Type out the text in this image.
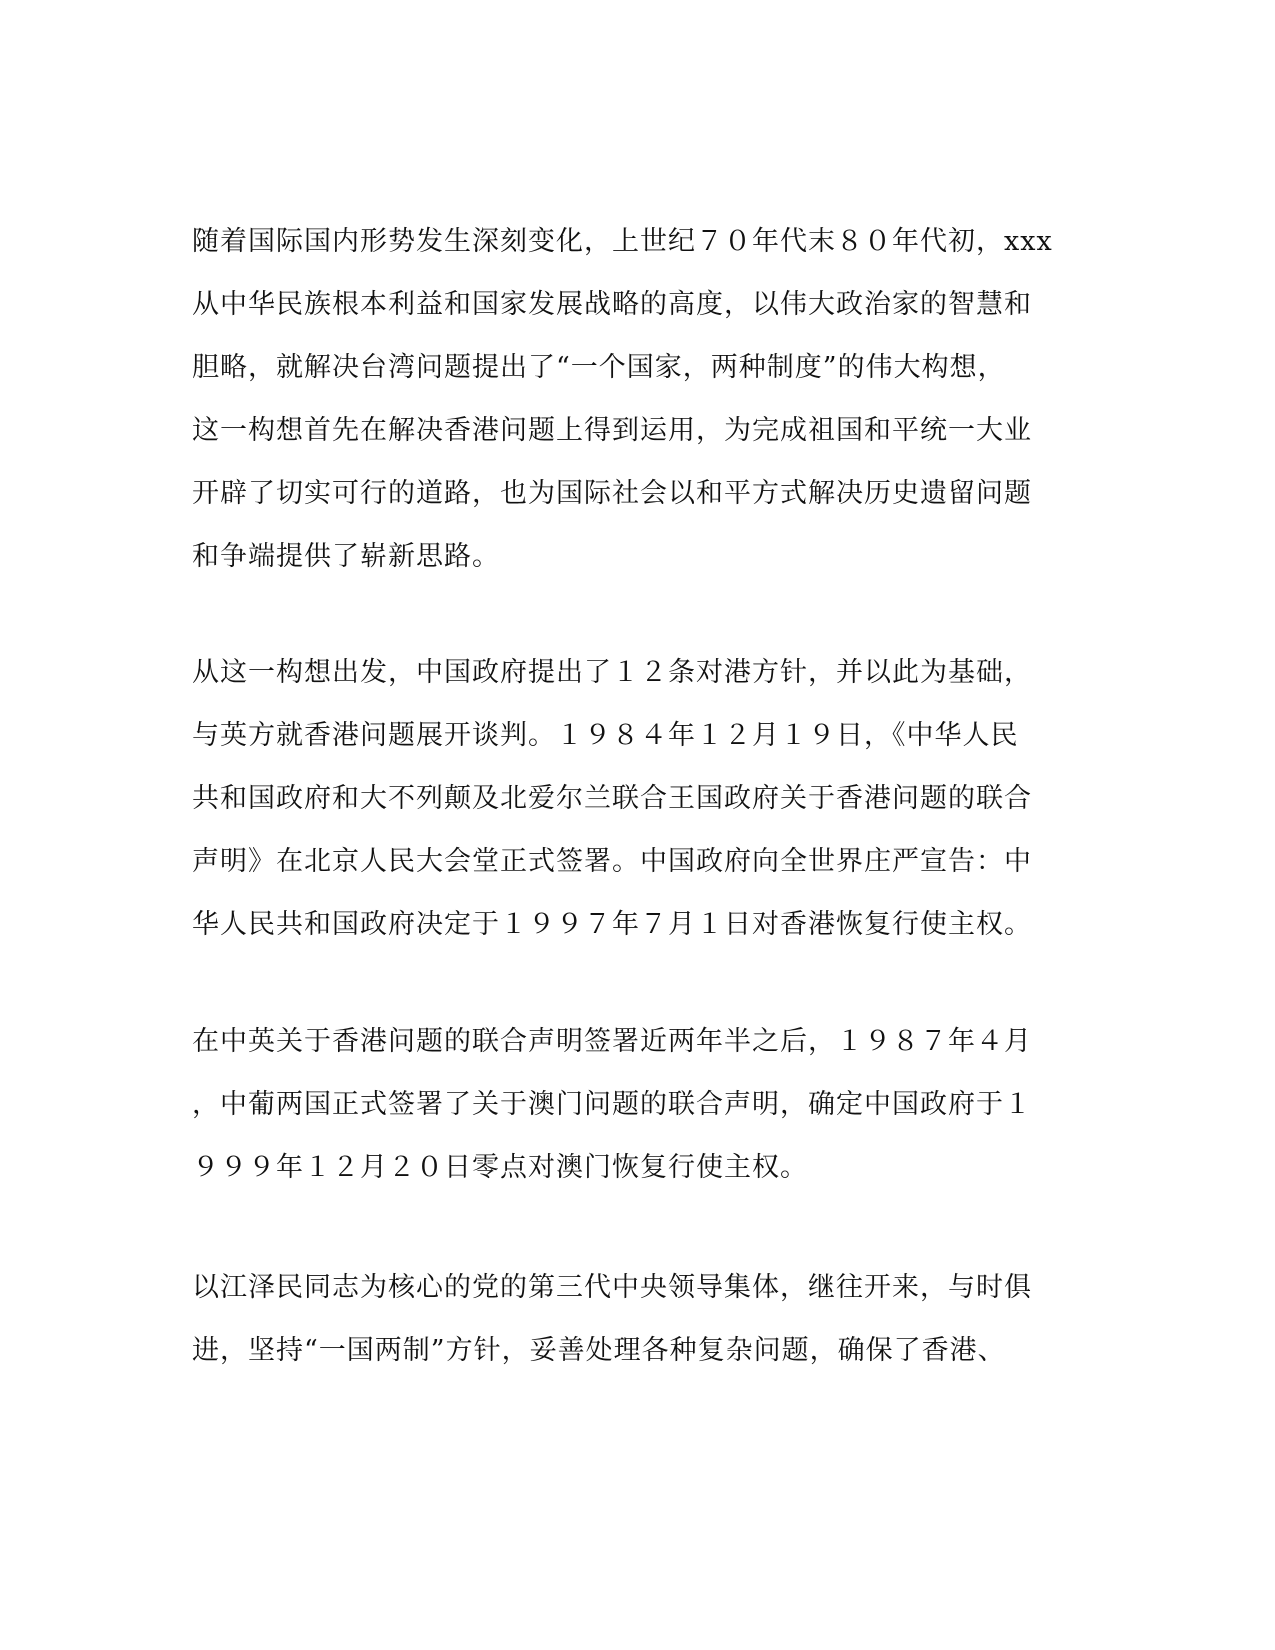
随着国际国内形势发生深刻变化，上世纪７０年代末８０年代初，xxx
从中华民族根本利益和国家发展战略的高度，以伟大政治家的智慧和
胆略，就解决台湾问题提出了“一个国家，两种制度”的伟大构想，
这一构想首先在解决香港问题上得到运用，为完成祖国和平统一大业
开辟了切实可行的道路，也为国际社会以和平方式解决历史遗留问题
和争端提供了崭新思路。
从这一构想出发，中国政府提出了１２条对港方针，并以此为基础，
与英方就香港问题展开谈判。１９８４年１２月１９日，《中华人民
共和国政府和大不列颠及北爱尔兰联合王国政府关于香港问题的联合
声明》在北京人民大会堂正式签署。中国政府向全世界庄严宣告：中
华人民共和国政府决定于１９９７年７月１日对香港恢复行使主权。
在中英关于香港问题的联合声明签署近两年半之后，１９８７年４月
，中葡两国正式签署了关于澳门问题的联合声明，确定中国政府于１
９９９年１２月２０日零点对澳门恢复行使主权。
以江泽民同志为核心的党的第三代中央领导集体，继往开来，与时俱
进，坚持“一国两制”方针，妥善处理各种复杂问题，确保了香港、
